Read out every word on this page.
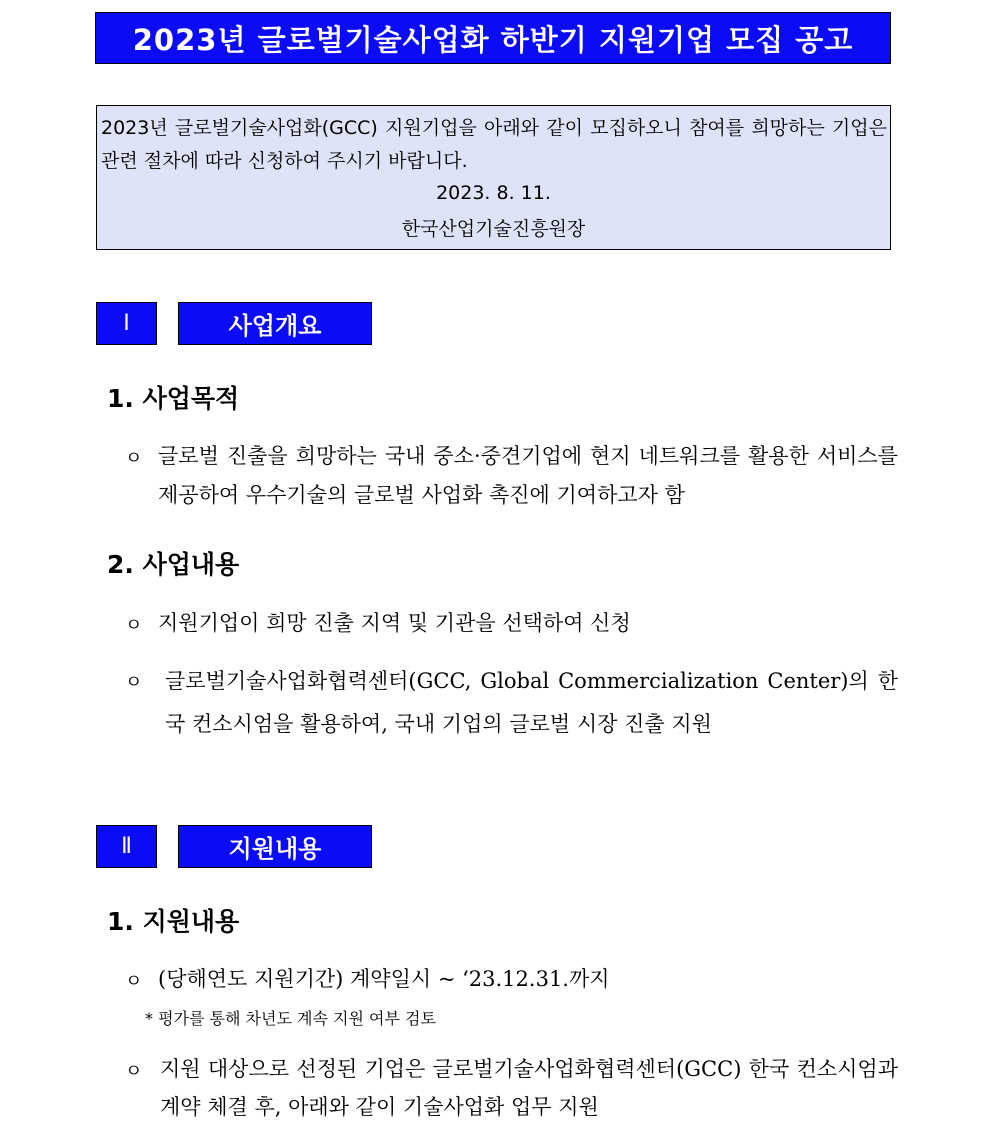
2023년 글로벌기술사업화 하반기 지원기업 모집 공고
2023년 글로벌기술사업화(GCC) 지원기업을 아래와 같이 모집하오니 참여를 희망하는 기업은 관련 절차에 따라 신청하여 주시기 바랍니다.
2023. 8. 11.
한국산업기술진흥원장
Ⅰ	사업개요
1. 사업목적
ㅇ 글로벌 진출을 희망하는 국내 중소·중견기업에 현지 네트워크를 활용한 서비스를 제공하여 우수기술의 글로벌 사업화 촉진에 기여하고자 함
2. 사업내용
ㅇ 지원기업이 희망 진출 지역 및 기관을 선택하여 신청
ㅇ 글로벌기술사업화협력센터(GCC, Global Commercialization Center)의 한국 컨소시엄을 활용하여, 국내 기업의 글로벌 시장 진출 지원
Ⅱ	지원내용
1. 지원내용
ㅇ (당해연도 지원기간) 계약일시 ~ ‘23.12.31.까지
* 평가를 통해 차년도 계속 지원 여부 검토
ㅇ 지원 대상으로 선정된 기업은 글로벌기술사업화협력센터(GCC) 한국 컨소시엄과 계약 체결 후, 아래와 같이 기술사업화 업무 지원
